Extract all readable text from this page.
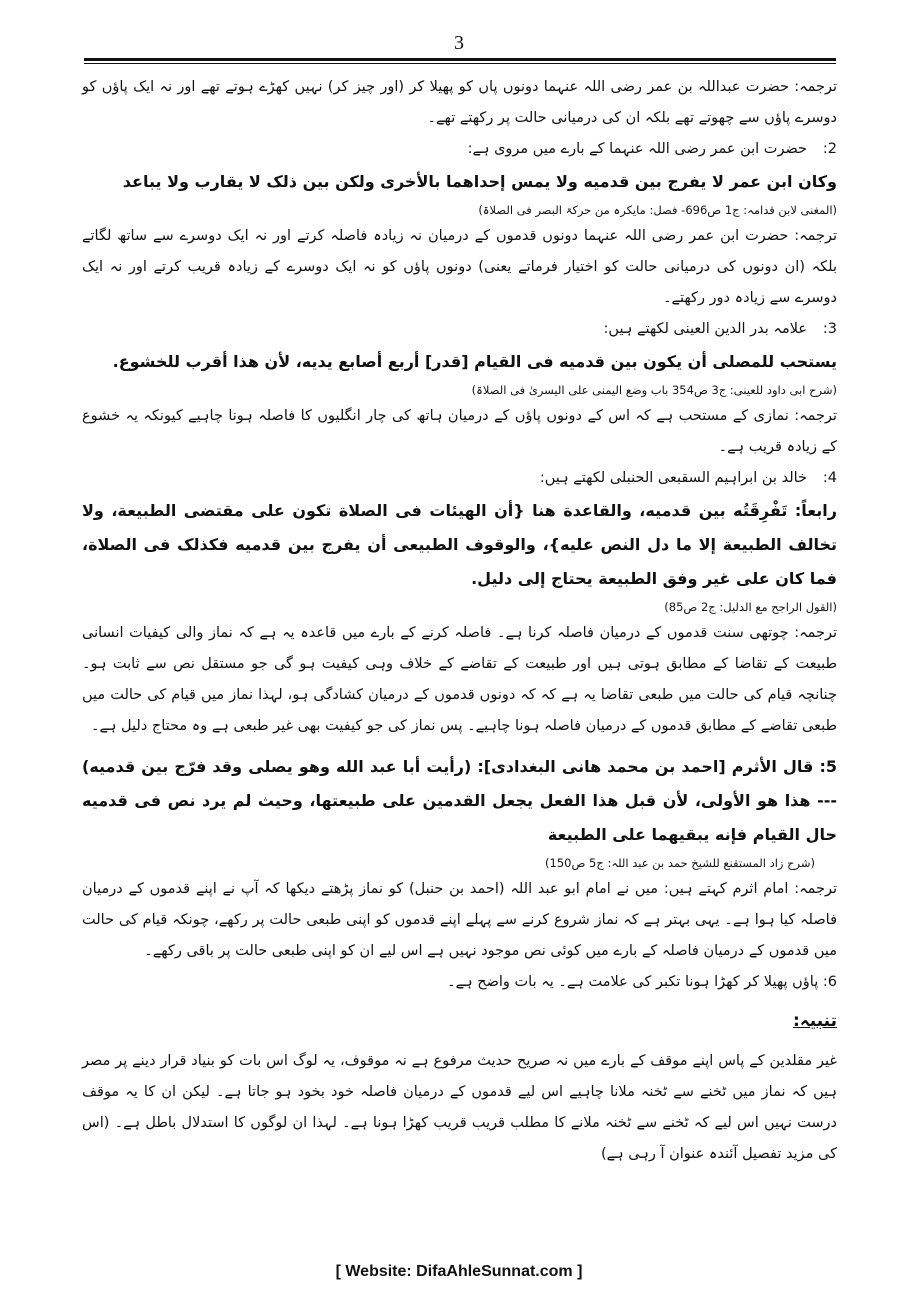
3

ترجمہ: حضرت عبداللہ بن عمر رضی اللہ عنہما دونوں پاں کو پھیلا کر (اور چیز کر) نہیں کھڑے ہوتے تھے اور نہ ایک پاؤں کو دوسرے پاؤں سے چھوتے تھے بلکہ ان کی درمیانی حالت پر رکھتے تھے۔

2:
حضرت ابن عمر رضی اللہ عنہما کے بارے میں مروی ہے:

وکان ابن عمر لا یفرج بین قدمیه ولا یمس إحداهما بالأخری ولکن بین ذلک لا یقارب ولا یباعد

(المغنی لابن قدامہ: ج1 ص696- فصل: مایکرہ من حرکۃ البصر فی الصلاۃ)

ترجمہ: حضرت ابن عمر رضی اللہ عنہما دونوں قدموں کے درمیان نہ زیادہ فاصلہ کرتے اور نہ ایک دوسرے سے ساتھ لگاتے بلکہ (ان دونوں کی درمیانی حالت کو اختیار فرماتے یعنی) دونوں پاؤں کو نہ ایک دوسرے کے زیادہ قریب کرتے اور نہ ایک دوسرے سے زیادہ دور رکھتے۔

3:
علامہ بدر الدین العینی لکھتے ہیں:

یستحب للمصلی أن یکون بین قدمیه فی القیام [قدر] أربع أصابع یدیه، لأن هذا أقرب للخشوع.

(شرح ابی داود للعینی: ج3 ص354 باب وضع الیمنی علی الیسریٰ فی الصلاۃ)

ترجمہ: نمازی کے مستحب ہے کہ اس کے دونوں پاؤں کے درمیان ہاتھ کی چار انگلیوں کا فاصلہ ہونا چاہیے کیونکہ یہ خشوع کے زیادہ قریب ہے۔

4:
خالد بن ابراہیم السقبعی الحنبلی لکھتے ہیں:

رابعاً: تَفْرِقَتُه بین قدمیه، والقاعدة هنا {أن الهیئات فی الصلاة تکون علی مقتضی الطبیعة، ولا تخالف الطبیعة إلا ما دل النص علیه}، والوقوف الطبیعی أن یفرج بین قدمیه فکذلک فی الصلاة، فما کان علی غیر وفق الطبیعة یحتاج إلی دلیل.

(القول الراجح مع الدلیل: ج2 ص85)

ترجمہ: چوتھی سنت قدموں کے درمیان فاصلہ کرنا ہے۔ فاصلہ کرنے کے بارے میں قاعدہ یہ ہے کہ نماز والی کیفیات انسانی طبیعت کے تقاضا کے مطابق ہوتی ہیں اور طبیعت کے تقاضے کے خلاف وہی کیفیت ہو گی جو مستقل نص سے ثابت ہو۔ چنانچہ قیام کی حالت میں طبعی تقاضا یہ ہے کہ کہ دونوں قدموں کے درمیان کشادگی ہو، لہذا نماز میں قیام کی حالت میں طبعی تقاضے کے مطابق قدموں کے درمیان فاصلہ ہونا چاہیے۔ پس نماز کی جو کیفیت بھی غیر طبعی ہے وہ محتاج دلیل ہے۔

5: قال الأثرم [احمد بن محمد هانی البغدادی]: (رأیت أبا عبد الله وهو یصلی وقد فرّج بین قدمیه) --- هذا هو الأولی، لأن قبل هذا الفعل یجعل القدمین علی طبیعتها، وحیث لم یرد نص فی قدمیه حال القیام فإنه یبقیهما علی الطبیعة

(شرح زاد المستقنع للشیخ حمد بن عبد اللہ: ج5 ص150)

ترجمہ: امام اثرم کہتے ہیں: میں نے امام ابو عبد اللہ (احمد بن حنبل) کو نماز پڑھتے دیکھا کہ آپ نے اپنے قدموں کے درمیان فاصلہ کیا ہوا ہے۔ یہی بہتر ہے کہ نماز شروع کرنے سے پہلے اپنے قدموں کو اپنی طبعی حالت پر رکھے، چونکہ قیام کی حالت میں قدموں کے درمیان فاصلہ کے بارے میں کوئی نص موجود نہیں ہے اس لیے ان کو اپنی طبعی حالت پر باقی رکھے۔

6: پاؤں پھیلا کر کھڑا ہونا تکبر کی علامت ہے۔ یہ بات واضح ہے۔

تنبیہ:

غیر مقلدین کے پاس اپنے موقف کے بارے میں نہ صریح حدیث مرفوع ہے نہ موقوف، یہ لوگ اس بات کو بنیاد قرار دینے پر مصر ہیں کہ نماز میں ٹخنے سے ٹخنہ ملانا چاہیے اس لیے قدموں کے درمیان فاصلہ خود بخود ہو جاتا ہے۔ لیکن ان کا یہ موقف درست نہیں اس لیے کہ ٹخنے سے ٹخنہ ملانے کا مطلب قریب قریب کھڑا ہونا ہے۔ لہذا ان لوگوں کا استدلال باطل ہے۔ (اس کی مزید تفصیل آئندہ عنوان آ رہی ہے)

[ Website: DifaAhleSunnat.com ]
